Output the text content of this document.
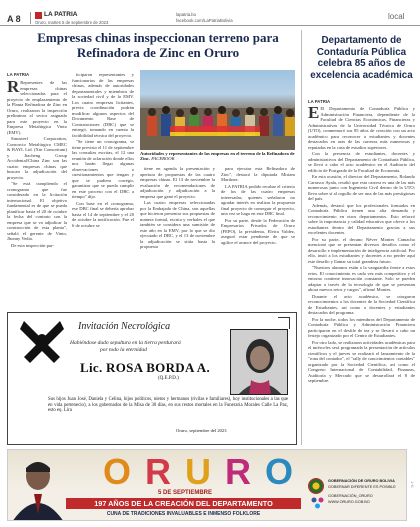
A 8	LA PATRIA
Oruro, martes 5 de septiembre de 2023
lapatria.bo
facebook.com/LaPatriaBolivia	local
Empresas chinas inspeccionan terreno para Refinadora de Zinc en Oruro
LA PATRIA

R Representes de las empresas chinas seleccionadas para el proyecto de emplazamiento de la Planta Refinadora de Zinc en Oruro, realizaron la inspección preliminar al sector asignado para este proyecto en la Empresa Metalúrgica Vinto (EMV).

Sinosteel Corporation, Consorcio Metalúrgico CMEC & BAYL Ltd. (Xin Consortium) y Jiacheng Group Accidental/China Zinc son las cuatro empresas chinas que buscan la adjudicación del proyecto.

"Se está cumpliendo el cronograma que fue considerado en la licitación internacional. El objetivo fundamental es de que se pueda planificar hasta el 20 de octubre la fecha del contrato con la empresa que se va adjudicar la construcción de esta planta", señaló el gerente de Vinto, Jhonny Vedia.

De esta inspección par-

ticiparon representantes y funcionarios de las empresas chinas, además de autoridades departamentales y miembros de la sociedad civil y de la EMV. Los cuatro empresas licitantes, previa coordinación podrán modificar algunos aspectos del Documento Base de Contrataciones (DBC) que se entregó, tomando en cuenta la factibilidad técnica del proyecto.

"Se tiene un cronograma, se tiene previsto el 11 de septiembre las consultas escritas, el 12 una reunión de aclaración donde ellos nos harán llegar algunas observaciones o cuestionamientos que tengan y que se pudiera corregir, garantizar que se pueda cumplir en este proceso con el DBC a tiempo" dijo.

Con base en el cronograma, ese DBC final se debería aprobar hasta el 14 de septiembre y el 20 de octubre la notificación. Fue el 6 de octubre se

Autoridades y representantes de las empresas en el terreno de la Refinadora de Zinc. FACEBOOK

tiene en agenda la presentación y apertura de propuestas de las cuatro empresas chinas. El 13 de noviembre la evaluación de recomendaciones de adjudicación y adjudicación a la empresa que ganó el proyecto.

Las cuatro empresas seleccionadas por la Embajada de China, son aquellas que hicieron presentar sus propuestas de manera formal, escrita y verbales el que también se considera una sumisión de este año en la EMV, por lo que se dio ejecutado el DBC, y el 13 de noviembre la adjudicación se sitúa hasta la propuesta

para ejecutar esta Refinadora de Zinc", destacó la diputada Miriam Martínez.

LA PATRIA podido recabar el criterio de los de las cuatro empresas interesadas, quienes señalaron no agradar interés en realizar la propuesta final proyecto de conseguir el proyecto, una vez se haga en este DBC final.

Por su parte, desde la Federación de Empresarios Privados de Oruro (FEPO), la presidenta, Elvira Valdez, aseguró estar pendiente de que se agilice el avance del proyecto.

Invitación Necrológica
Habiéndose dado sepultura en la tierra perdurará
por todo la eternidad
Lic. ROSA BORDA A.
(Q.E.P.D.)
Sus hijos Juan José, Daniela y Celina, hijos políticos, nietos y hermanos (rivilas e familiares), hoy institucionales a las que en vida pertenecio), a los gobernados de la Misa de 30 días, en sus restos mortales en la Funeraria Morales Calle La Paz, esto eq. Lira
Oruro, septiembre del 2023
Departamento de Contaduría Pública celebra 85 años de excelencia académica
LA PATRIA

E El Departamento de Contaduría Pública y Administración Financiera, dependiente de la Facultad de Ciencias Económicas, Financieras y Administrativas de la Universidad Técnica de Oruro (UTO), conmemoró sus 85 años de creación con un acto académico para reconocer a estudiantes y docentes destacados en aras de las carreras más numerosas y reputadas en la casa de estudios superiores.

Con la presencia de estudiantes, docentes y administrativos del Departamento de Contaduría Pública, se llevó a cabo el acto académico en el Auditorio del edificio de Postgrado de la Facultad de Economía.

En esta ocasión, el director del Departamento, Rolando Carrasco Ayala, resaltó que esta carrera es una de las más numerosas junto con Ingeniería Civil dentro de la UTO; lleva sobre sí al orgullo de ser una de las más prestigiosas del país.

Además, destacó que los profesionales formados en Contaduría Pública tienen una alta demanda y reconocimiento en otros departamentos. Esto reforzó sobre la importancia y calidad educativa que ofrece a los estudiantes dentro del Departamento gracias a sus excelentes docentes.

Por su parte, el decano Néver Montes Camacho mencionó que se presentan diversos desafíos como el desarrollo e implementación de inteligencia artificial. Por ello, instó a los estudiantes y docentes a no perder aquí este desafío y llamar su total grandeza futuro.

"Nuestros alumnos están a la vanguardia frente a estos retos. El conocimiento es cada vez más competitivo y el entorno contiene innovación constante. Solo se pueden adaptar a través de la tecnología de que se presentan ahora nuevos retos y cargos", afirmó Montes.

Durante el acto académico, se otorgaron reconocimientos a los docentes de la Sociedad Científica de Estudiantes, así como a docentes y estudiantes destacados del programa.

Por la noche, todos los miembros del Departamento de Contaduría Pública y Administración Financiera participaron en el desfile de tea y se llevará a cabo un festejo organizado por el Centro de Estudiantes.

Por otro lado, se realizaron actividades académicas para el miércoles será programada la presentación de artículos científicos y el jueves se realizará el lanzamiento de la "rona del contador", el "rally de conocimientos contables" organizado por la Sociedad Científica, así como el Congreso Internacional de Contabilidad, Finanzas, Auditoría y Mercado que se desarrollará el 8 de septiembre.

O R U R O
5 DE SEPTIEMBRE
197 AÑOS DE LA CREACIÓN DEL DEPARTAMENTO
CUNA DE TRADICIONES INVALUABLES E INMENSO FOLKLORE
GOBERNACIÓN DE ORURO BOLIVIA
GOBERNAR DIFERENTE ES POSIBLE
GOBERNACIÓN_ORURO
WWW.ORURO.GOB.BO
S-7
